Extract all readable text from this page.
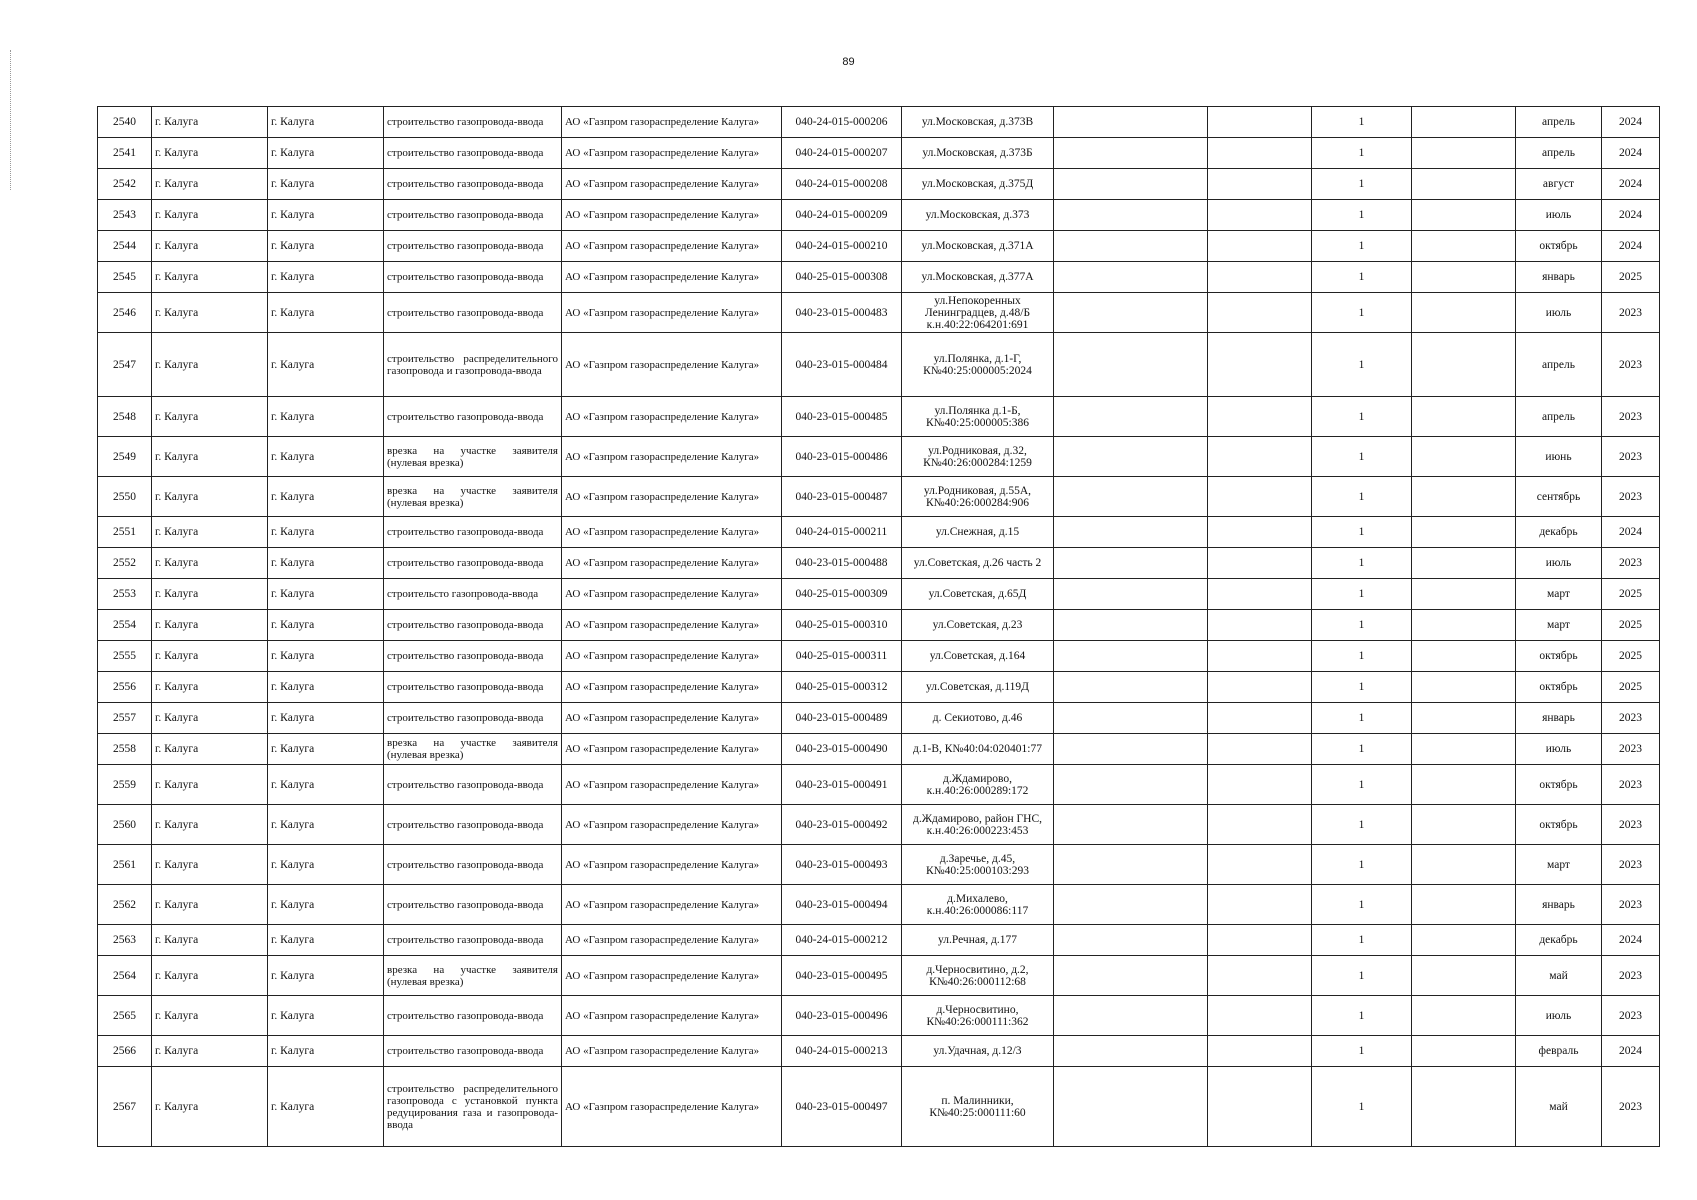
89
2540	г. Калуга	г. Калуга	строительство газопровода-ввода	АО «Газпром газораспределение Калуга»	040-24-015-000206	ул.Московская, д.373В			1		апрель	2024
2541	г. Калуга	г. Калуга	строительство газопровода-ввода	АО «Газпром газораспределение Калуга»	040-24-015-000207	ул.Московская, д.373Б			1		апрель	2024
2542	г. Калуга	г. Калуга	строительство газопровода-ввода	АО «Газпром газораспределение Калуга»	040-24-015-000208	ул.Московская, д.375Д			1		август	2024
2543	г. Калуга	г. Калуга	строительство газопровода-ввода	АО «Газпром газораспределение Калуга»	040-24-015-000209	ул.Московская, д.373			1		июль	2024
2544	г. Калуга	г. Калуга	строительство газопровода-ввода	АО «Газпром газораспределение Калуга»	040-24-015-000210	ул.Московская, д.371А			1		октябрь	2024
2545	г. Калуга	г. Калуга	строительство газопровода-ввода	АО «Газпром газораспределение Калуга»	040-25-015-000308	ул.Московская, д.377А			1		январь	2025
2546	г. Калуга	г. Калуга	строительство газопровода-ввода	АО «Газпром газораспределение Калуга»	040-23-015-000483	ул.Непокоренных Ленинградцев, д.48/Б к.н.40:22:064201:691			1		июль	2023
2547	г. Калуга	г. Калуга	строительство распределительного газопровода и газопровода-ввода	АО «Газпром газораспределение Калуга»	040-23-015-000484	ул.Полянка, д.1-Г, К№40:25:000005:2024			1		апрель	2023
2548	г. Калуга	г. Калуга	строительство газопровода-ввода	АО «Газпром газораспределение Калуга»	040-23-015-000485	ул.Полянка д.1-Б, К№40:25:000005:386			1		апрель	2023
2549	г. Калуга	г. Калуга	врезка на участке заявителя (нулевая врезка)	АО «Газпром газораспределение Калуга»	040-23-015-000486	ул.Родниковая, д.32, К№40:26:000284:1259			1		июнь	2023
2550	г. Калуга	г. Калуга	врезка на участке заявителя (нулевая врезка)	АО «Газпром газораспределение Калуга»	040-23-015-000487	ул.Родниковая, д.55А, К№40:26:000284:906			1		сентябрь	2023
2551	г. Калуга	г. Калуга	строительство газопровода-ввода	АО «Газпром газораспределение Калуга»	040-24-015-000211	ул.Снежная, д.15			1		декабрь	2024
2552	г. Калуга	г. Калуга	строительство газопровода-ввода	АО «Газпром газораспределение Калуга»	040-23-015-000488	ул.Советская, д.26 часть 2			1		июль	2023
2553	г. Калуга	г. Калуга	строительсто газопровода-ввода	АО «Газпром газораспределение Калуга»	040-25-015-000309	ул.Советская, д.65Д			1		март	2025
2554	г. Калуга	г. Калуга	строительство газопровода-ввода	АО «Газпром газораспределение Калуга»	040-25-015-000310	ул.Советская, д.23			1		март	2025
2555	г. Калуга	г. Калуга	строительство газопровода-ввода	АО «Газпром газораспределение Калуга»	040-25-015-000311	ул.Советская, д.164			1		октябрь	2025
2556	г. Калуга	г. Калуга	строительство газопровода-ввода	АО «Газпром газораспределение Калуга»	040-25-015-000312	ул.Советская, д.119Д			1		октябрь	2025
2557	г. Калуга	г. Калуга	строительство газопровода-ввода	АО «Газпром газораспределение Калуга»	040-23-015-000489	д. Секиотово, д.46			1		январь	2023
2558	г. Калуга	г. Калуга	врезка на участке заявителя (нулевая врезка)	АО «Газпром газораспределение Калуга»	040-23-015-000490	д.1-В, К№40:04:020401:77			1		июль	2023
2559	г. Калуга	г. Калуга	строительство газопровода-ввода	АО «Газпром газораспределение Калуга»	040-23-015-000491	д.Ждамирово, к.н.40:26:000289:172			1		октябрь	2023
2560	г. Калуга	г. Калуга	строительство газопровода-ввода	АО «Газпром газораспределение Калуга»	040-23-015-000492	д.Ждамирово, район ГНС, к.н.40:26:000223:453			1		октябрь	2023
2561	г. Калуга	г. Калуга	строительство газопровода-ввода	АО «Газпром газораспределение Калуга»	040-23-015-000493	д.Заречье, д.45, К№40:25:000103:293			1		март	2023
2562	г. Калуга	г. Калуга	строительство газопровода-ввода	АО «Газпром газораспределение Калуга»	040-23-015-000494	д.Михалево, к.н.40:26:000086:117			1		январь	2023
2563	г. Калуга	г. Калуга	строительство газопровода-ввода	АО «Газпром газораспределение Калуга»	040-24-015-000212	ул.Речная, д.177			1		декабрь	2024
2564	г. Калуга	г. Калуга	врезка на участке заявителя (нулевая врезка)	АО «Газпром газораспределение Калуга»	040-23-015-000495	д.Черносвитино, д.2, К№40:26:000112:68			1		май	2023
2565	г. Калуга	г. Калуга	строительство газопровода-ввода	АО «Газпром газораспределение Калуга»	040-23-015-000496	д.Черносвитино, К№40:26:000111:362			1		июль	2023
2566	г. Калуга	г. Калуга	строительство газопровода-ввода	АО «Газпром газораспределение Калуга»	040-24-015-000213	ул.Удачная, д.12/3			1		февраль	2024
2567	г. Калуга	г. Калуга	строительство распределительного газопровода с установкой пункта редуцирования газа и газопровода-ввода	АО «Газпром газораспределение Калуга»	040-23-015-000497	п. Малинники, К№40:25:000111:60			1		май	2023
